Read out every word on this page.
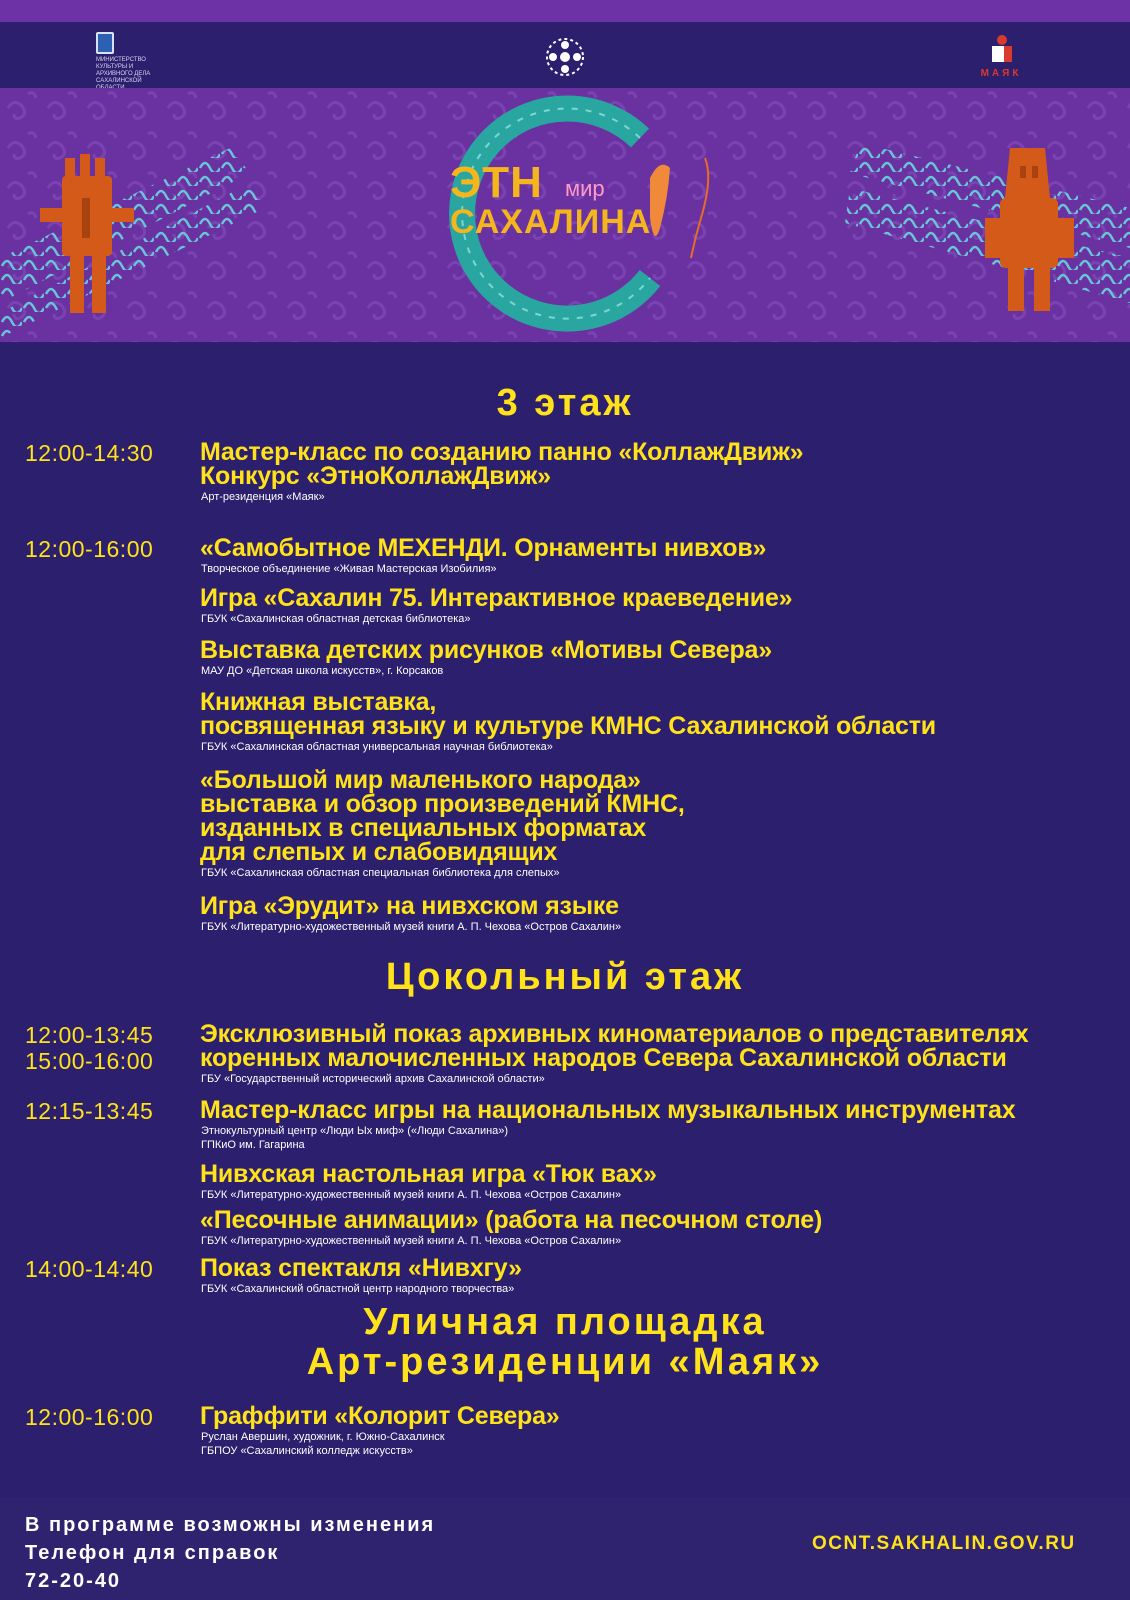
МИНИСТЕРСТВО КУЛЬТУРЫ И АРХИВНОГО ДЕЛА САХАЛИНСКОЙ
МАЯК
ЭТН мир
САХАЛИНА
3 этаж
12:00-14:30 Мастер-класс по созданию панно «КоллажДвиж»
Конкурс «ЭтноКоллажДвиж»
Арт-резиденция «Маяк»
12:00-16:00 «Самобытное МЕХЕНДИ. Орнаменты нивхов»
Творческое объединение «Живая Мастерская Изобилия»
Игра «Сахалин 75. Интерактивное краеведение»
ГБУК «Сахалинская областная детская библиотека»
Выставка детских рисунков «Мотивы Севера»
МАУ ДО «Детская школа искусств», г. Корсаков
Книжная выставка,
посвященная языку и культуре КМНС Сахалинской области
ГБУК «Сахалинская областная универсальная научная библиотека»
«Большой мир маленького народа»
выставка и обзор произведений КМНС,
изданных в специальных форматах
для слепых и слабовидящих
ГБУК «Сахалинская областная специальная библиотека для слепых»
Игра «Эрудит» на нивхском языке
ГБУК «Литературно-художественный музей книги А. П. Чехова «Остров Сахалин»
Цокольный этаж
12:00-13:45
15:00-16:00
Эксклюзивный показ архивных киноматериалов о представителях
коренных малочисленных народов Севера Сахалинской области
ГБУ «Государственный исторический архив Сахалинской области»
12:15-13:45 Мастер-класс игры на национальных музыкальных инструментах
Этнокультурный центр «Люди Ых миф» («Люди Сахалина»)
ГПКиО им. Гагарина
Нивхская настольная игра «Тюк вах»
ГБУК «Литературно-художественный музей книги А. П. Чехова «Остров Сахалин»
«Песочные анимации» (работа на песочном столе)
ГБУК «Литературно-художественный музей книги А. П. Чехова «Остров Сахалин»
14:00-14:40 Показ спектакля «Нивхгу»
ГБУК «Сахалинский областной центр народного творчества»
Уличная площадка
Арт-резиденции «Маяк»
12:00-16:00 Граффити «Колорит Севера»
Руслан Авершин, художник, г. Южно-Сахалинск
ГБПОУ «Сахалинский колледж искусств»
В программе возможны изменения
Телефон для справок
72-20-40
OCNT.SAKHALIN.GOV.RU
